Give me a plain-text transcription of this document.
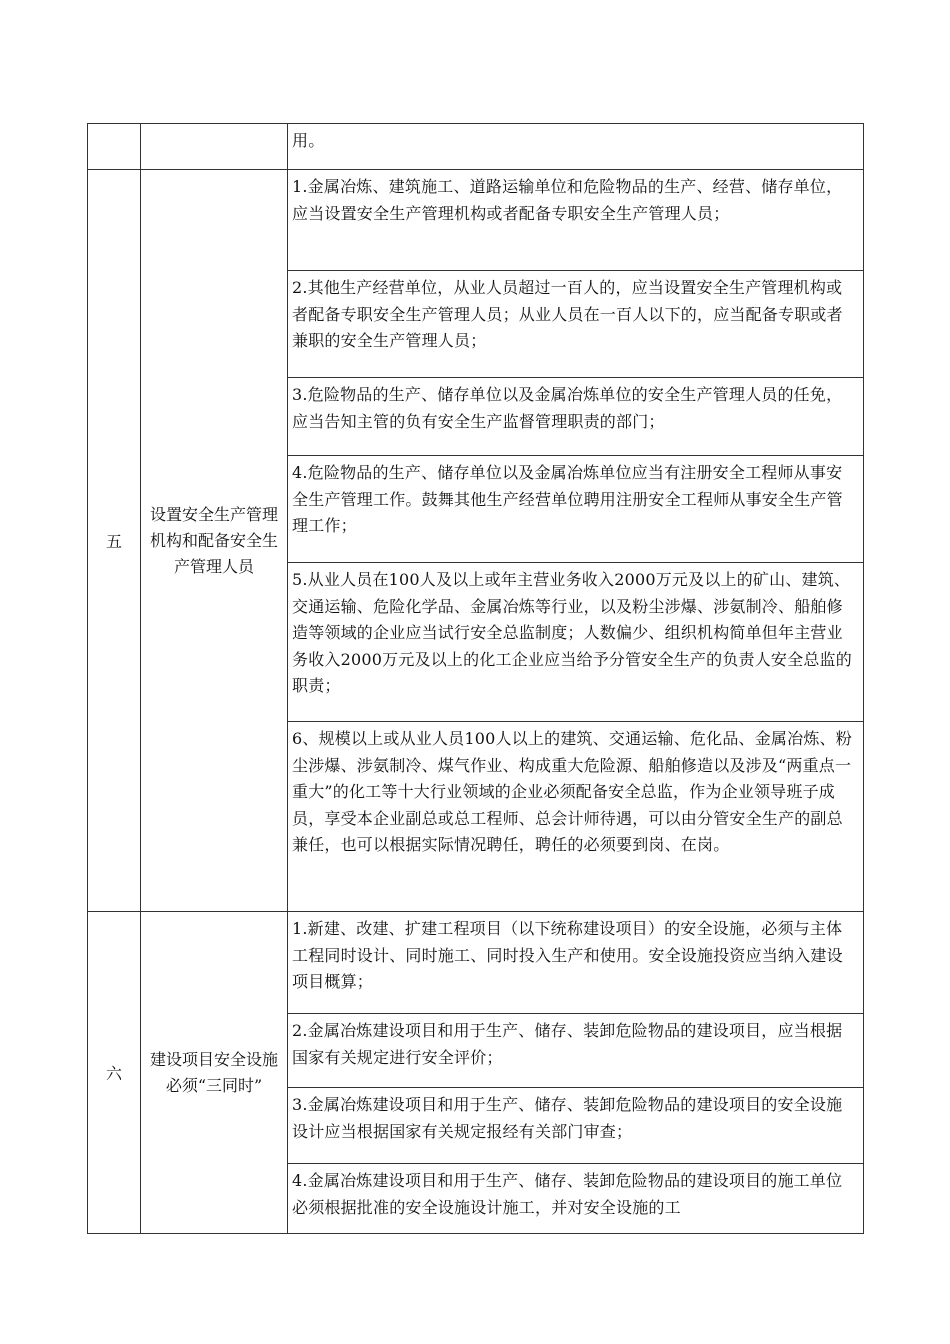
		用。
五	设置安全生产管理机构和配备安全生产管理人员	1.金属冶炼、建筑施工、道路运输单位和危险物品的生产、经营、储存单位，应当设置安全生产管理机构或者配备专职安全生产管理人员；
		2.其他生产经营单位，从业人员超过一百人的，应当设置安全生产管理机构或者配备专职安全生产管理人员；从业人员在一百人以下的，应当配备专职或者兼职的安全生产管理人员；
		3.危险物品的生产、储存单位以及金属冶炼单位的安全生产管理人员的任免，应当告知主管的负有安全生产监督管理职责的部门；
		4.危险物品的生产、储存单位以及金属冶炼单位应当有注册安全工程师从事安全生产管理工作。鼓舞其他生产经营单位聘用注册安全工程师从事安全生产管理工作；
		5.从业人员在100人及以上或年主营业务收入2000万元及以上的矿山、建筑、交通运输、危险化学品、金属冶炼等行业，以及粉尘涉爆、涉氨制冷、船舶修造等领域的企业应当试行安全总监制度；人数偏少、组织机构简单但年主营业务收入2000万元及以上的化工企业应当给予分管安全生产的负责人安全总监的职责；
		6、规模以上或从业人员100人以上的建筑、交通运输、危化品、金属冶炼、粉尘涉爆、涉氨制冷、煤气作业、构成重大危险源、船舶修造以及涉及“两重点一重大”的化工等十大行业领域的企业必须配备安全总监，作为企业领导班子成员，享受本企业副总或总工程师、总会计师待遇，可以由分管安全生产的副总兼任，也可以根据实际情况聘任，聘任的必须要到岗、在岗。
六	建设项目安全设施必须“三同时”	1.新建、改建、扩建工程项目（以下统称建设项目）的安全设施，必须与主体工程同时设计、同时施工、同时投入生产和使用。安全设施投资应当纳入建设项目概算；
		2.金属冶炼建设项目和用于生产、储存、装卸危险物品的建设项目，应当根据国家有关规定进行安全评价；
		3.金属冶炼建设项目和用于生产、储存、装卸危险物品的建设项目的安全设施设计应当根据国家有关规定报经有关部门审查；
		4.金属冶炼建设项目和用于生产、储存、装卸危险物品的建设项目的施工单位必须根据批准的安全设施设计施工，并对安全设施的工
